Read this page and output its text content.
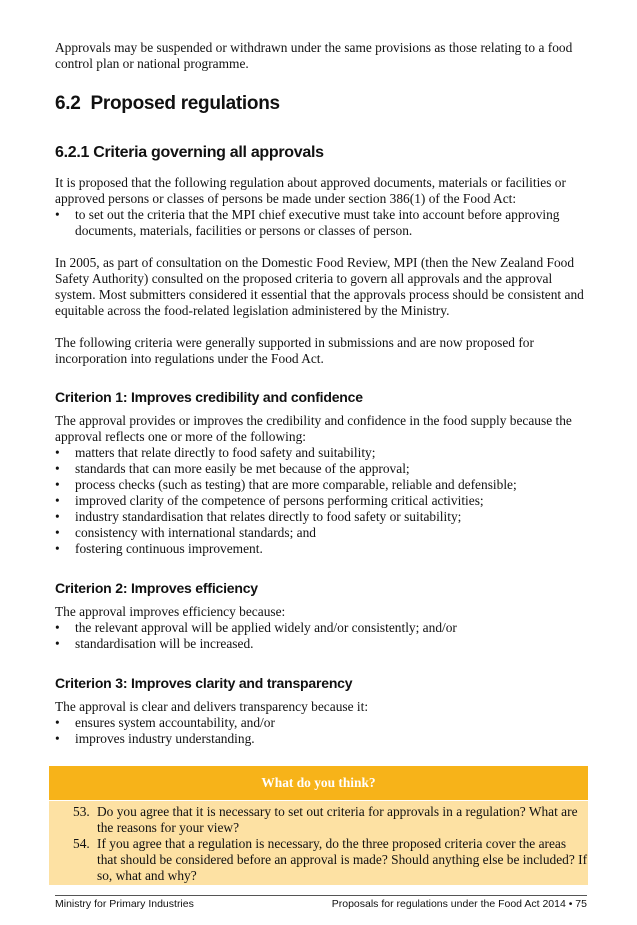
Approvals may be suspended or withdrawn under the same provisions as those relating to a food control plan or national programme.

6.2 Proposed regulations
6.2.1 Criteria governing all approvals

It is proposed that the following regulation about approved documents, materials or facilities or approved persons or classes of persons be made under section 386(1) of the Food Act:

• to set out the criteria that the MPI chief executive must take into account before approving documents, materials, facilities or persons or classes of person.

In 2005, as part of consultation on the Domestic Food Review, MPI (then the New Zealand Food Safety Authority) consulted on the proposed criteria to govern all approvals and the approval system. Most submitters considered it essential that the approvals process should be consistent and equitable across the food-related legislation administered by the Ministry.

The following criteria were generally supported in submissions and are now proposed for incorporation into regulations under the Food Act.

Criterion 1: Improves credibility and confidence

The approval provides or improves the credibility and confidence in the food supply because the approval reflects one or more of the following:

• matters that relate directly to food safety and suitability;
• standards that can more easily be met because of the approval;
• process checks (such as testing) that are more comparable, reliable and defensible;
• improved clarity of the competence of persons performing critical activities;
• industry standardisation that relates directly to food safety or suitability;
• consistency with international standards; and
• fostering continuous improvement.
Criterion 2: Improves efficiency

The approval improves efficiency because:

• the relevant approval will be applied widely and/or consistently; and/or
• standardisation will be increased.
Criterion 3: Improves clarity and transparency

The approval is clear and delivers transparency because it:

• ensures system accountability, and/or
• improves industry understanding.
What do you think?
53. Do you agree that it is necessary to set out criteria for approvals in a regulation? What are the reasons for your view?
54. If you agree that a regulation is necessary, do the three proposed criteria cover the areas that should be considered before an approval is made? Should anything else be included? If so, what and why?
Ministry for Primary Industries	Proposals for regulations under the Food Act 2014 • 75
